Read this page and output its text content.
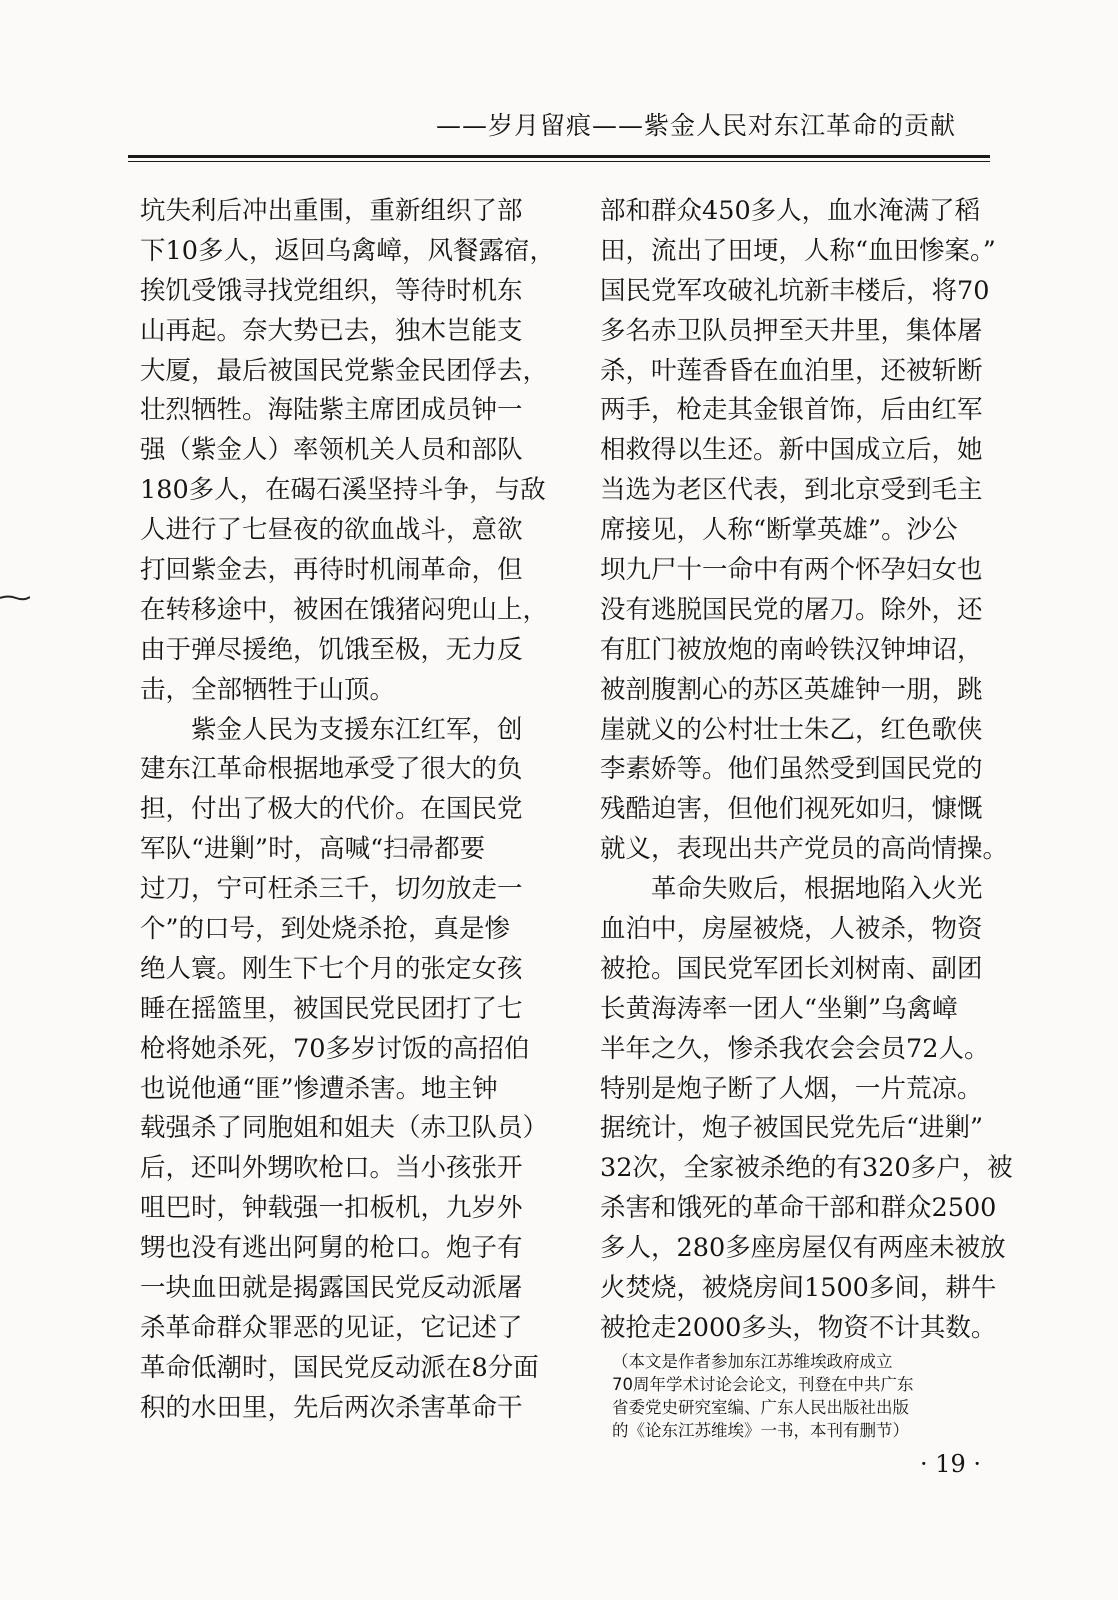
——岁月留痕——紫金人民对东江革命的贡献
坑失利后冲出重围，重新组织了部
下10多人，返回乌禽嶂，风餐露宿，
挨饥受饿寻找党组织，等待时机东
山再起。奈大势已去，独木岂能支
大厦，最后被国民党紫金民团俘去，
壮烈牺牲。海陆紫主席团成员钟一
强（紫金人）率领机关人员和部队
180多人，在碣石溪坚持斗争，与敌
人进行了七昼夜的欲血战斗，意欲
打回紫金去，再待时机闹革命，但
在转移途中，被困在饿猪闷兜山上，
由于弹尽援绝，饥饿至极，无力反
击，全部牺牲于山顶。
　　紫金人民为支援东江红军，创
建东江革命根据地承受了很大的负
担，付出了极大的代价。在国民党
军队“进剿”时，高喊“扫帚都要
过刀，宁可枉杀三千，切勿放走一
个”的口号，到处烧杀抢，真是惨
绝人寰。刚生下七个月的张定女孩
睡在摇篮里，被国民党民团打了七
枪将她杀死，70多岁讨饭的高招伯
也说他通“匪”惨遭杀害。地主钟
载强杀了同胞姐和姐夫（赤卫队员）
后，还叫外甥吹枪口。当小孩张开
咀巴时，钟载强一扣板机，九岁外
甥也没有逃出阿舅的枪口。炮子有
一块血田就是揭露国民党反动派屠
杀革命群众罪恶的见证，它记述了
革命低潮时，国民党反动派在8分面
积的水田里，先后两次杀害革命干
部和群众450多人，血水淹满了稻
田，流出了田埂，人称“血田惨案。”
国民党军攻破礼坑新丰楼后，将70
多名赤卫队员押至天井里，集体屠
杀，叶莲香昏在血泊里，还被斩断
两手，枪走其金银首饰，后由红军
相救得以生还。新中国成立后，她
当选为老区代表，到北京受到毛主
席接见，人称“断掌英雄”。沙公
坝九尸十一命中有两个怀孕妇女也
没有逃脱国民党的屠刀。除外，还
有肛门被放炮的南岭铁汉钟坤诏，
被剖腹割心的苏区英雄钟一朋，跳
崖就义的公村壮士朱乙，红色歌侠
李素娇等。他们虽然受到国民党的
残酷迫害，但他们视死如归，慷慨
就义，表现出共产党员的高尚情操。
　　革命失败后，根据地陷入火光
血泊中，房屋被烧，人被杀，物资
被抢。国民党军团长刘树南、副团
长黄海涛率一团人“坐剿”乌禽嶂
半年之久，惨杀我农会会员72人。
特别是炮子断了人烟，一片荒凉。
据统计，炮子被国民党先后“进剿”
32次，全家被杀绝的有320多户，被
杀害和饿死的革命干部和群众2500
多人，280多座房屋仅有两座未被放
火焚烧，被烧房间1500多间，耕牛
被抢走2000多头，物资不计其数。
（本文是作者参加东江苏维埃政府成立
70周年学术讨论会论文，刊登在中共广东
省委党史研究室编、广东人民出版社出版
的《论东江苏维埃》一书，本刊有删节）
· 19 ·
